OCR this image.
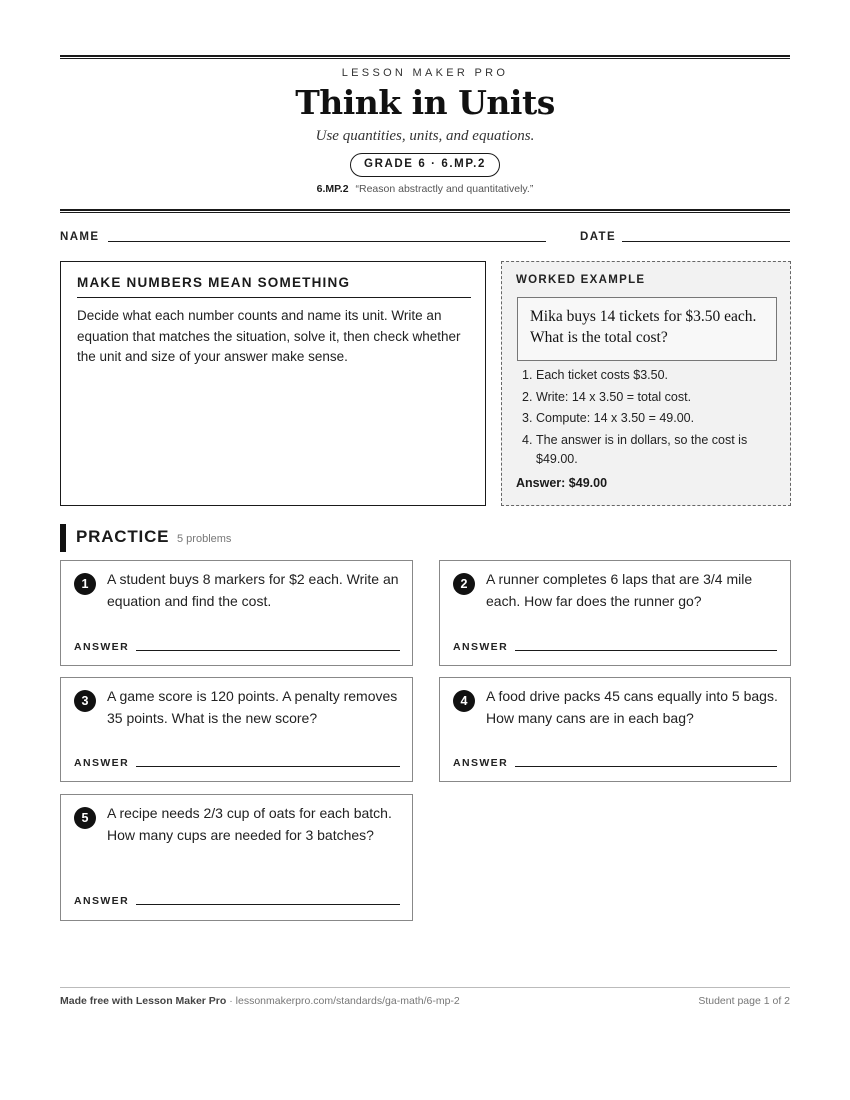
LESSON MAKER PRO
Think in Units
Use quantities, units, and equations.
GRADE 6 · 6.MP.2
6.MP.2 “Reason abstractly and quantitatively.”
NAME	DATE
MAKE NUMBERS MEAN SOMETHING
Decide what each number counts and name its unit. Write an equation that matches the situation, solve it, then check whether the unit and size of your answer make sense.
WORKED EXAMPLE
Mika buys 14 tickets for $3.50 each. What is the total cost?
1. Each ticket costs $3.50.
2. Write: 14 x 3.50 = total cost.
3. Compute: 14 x 3.50 = 49.00.
4. The answer is in dollars, so the cost is $49.00.
Answer: $49.00
PRACTICE 5 problems
1	A student buys 8 markers for $2 each. Write an equation and find the cost.
ANSWER
2	A runner completes 6 laps that are 3/4 mile each. How far does the runner go?
ANSWER
3	A game score is 120 points. A penalty removes 35 points. What is the new score?
ANSWER
4	A food drive packs 45 cans equally into 5 bags. How many cans are in each bag?
ANSWER
5	A recipe needs 2/3 cup of oats for each batch. How many cups are needed for 3 batches?
ANSWER
Made free with Lesson Maker Pro · lessonmakerpro.com/standards/ga-math/6-mp-2	Student page 1 of 2
